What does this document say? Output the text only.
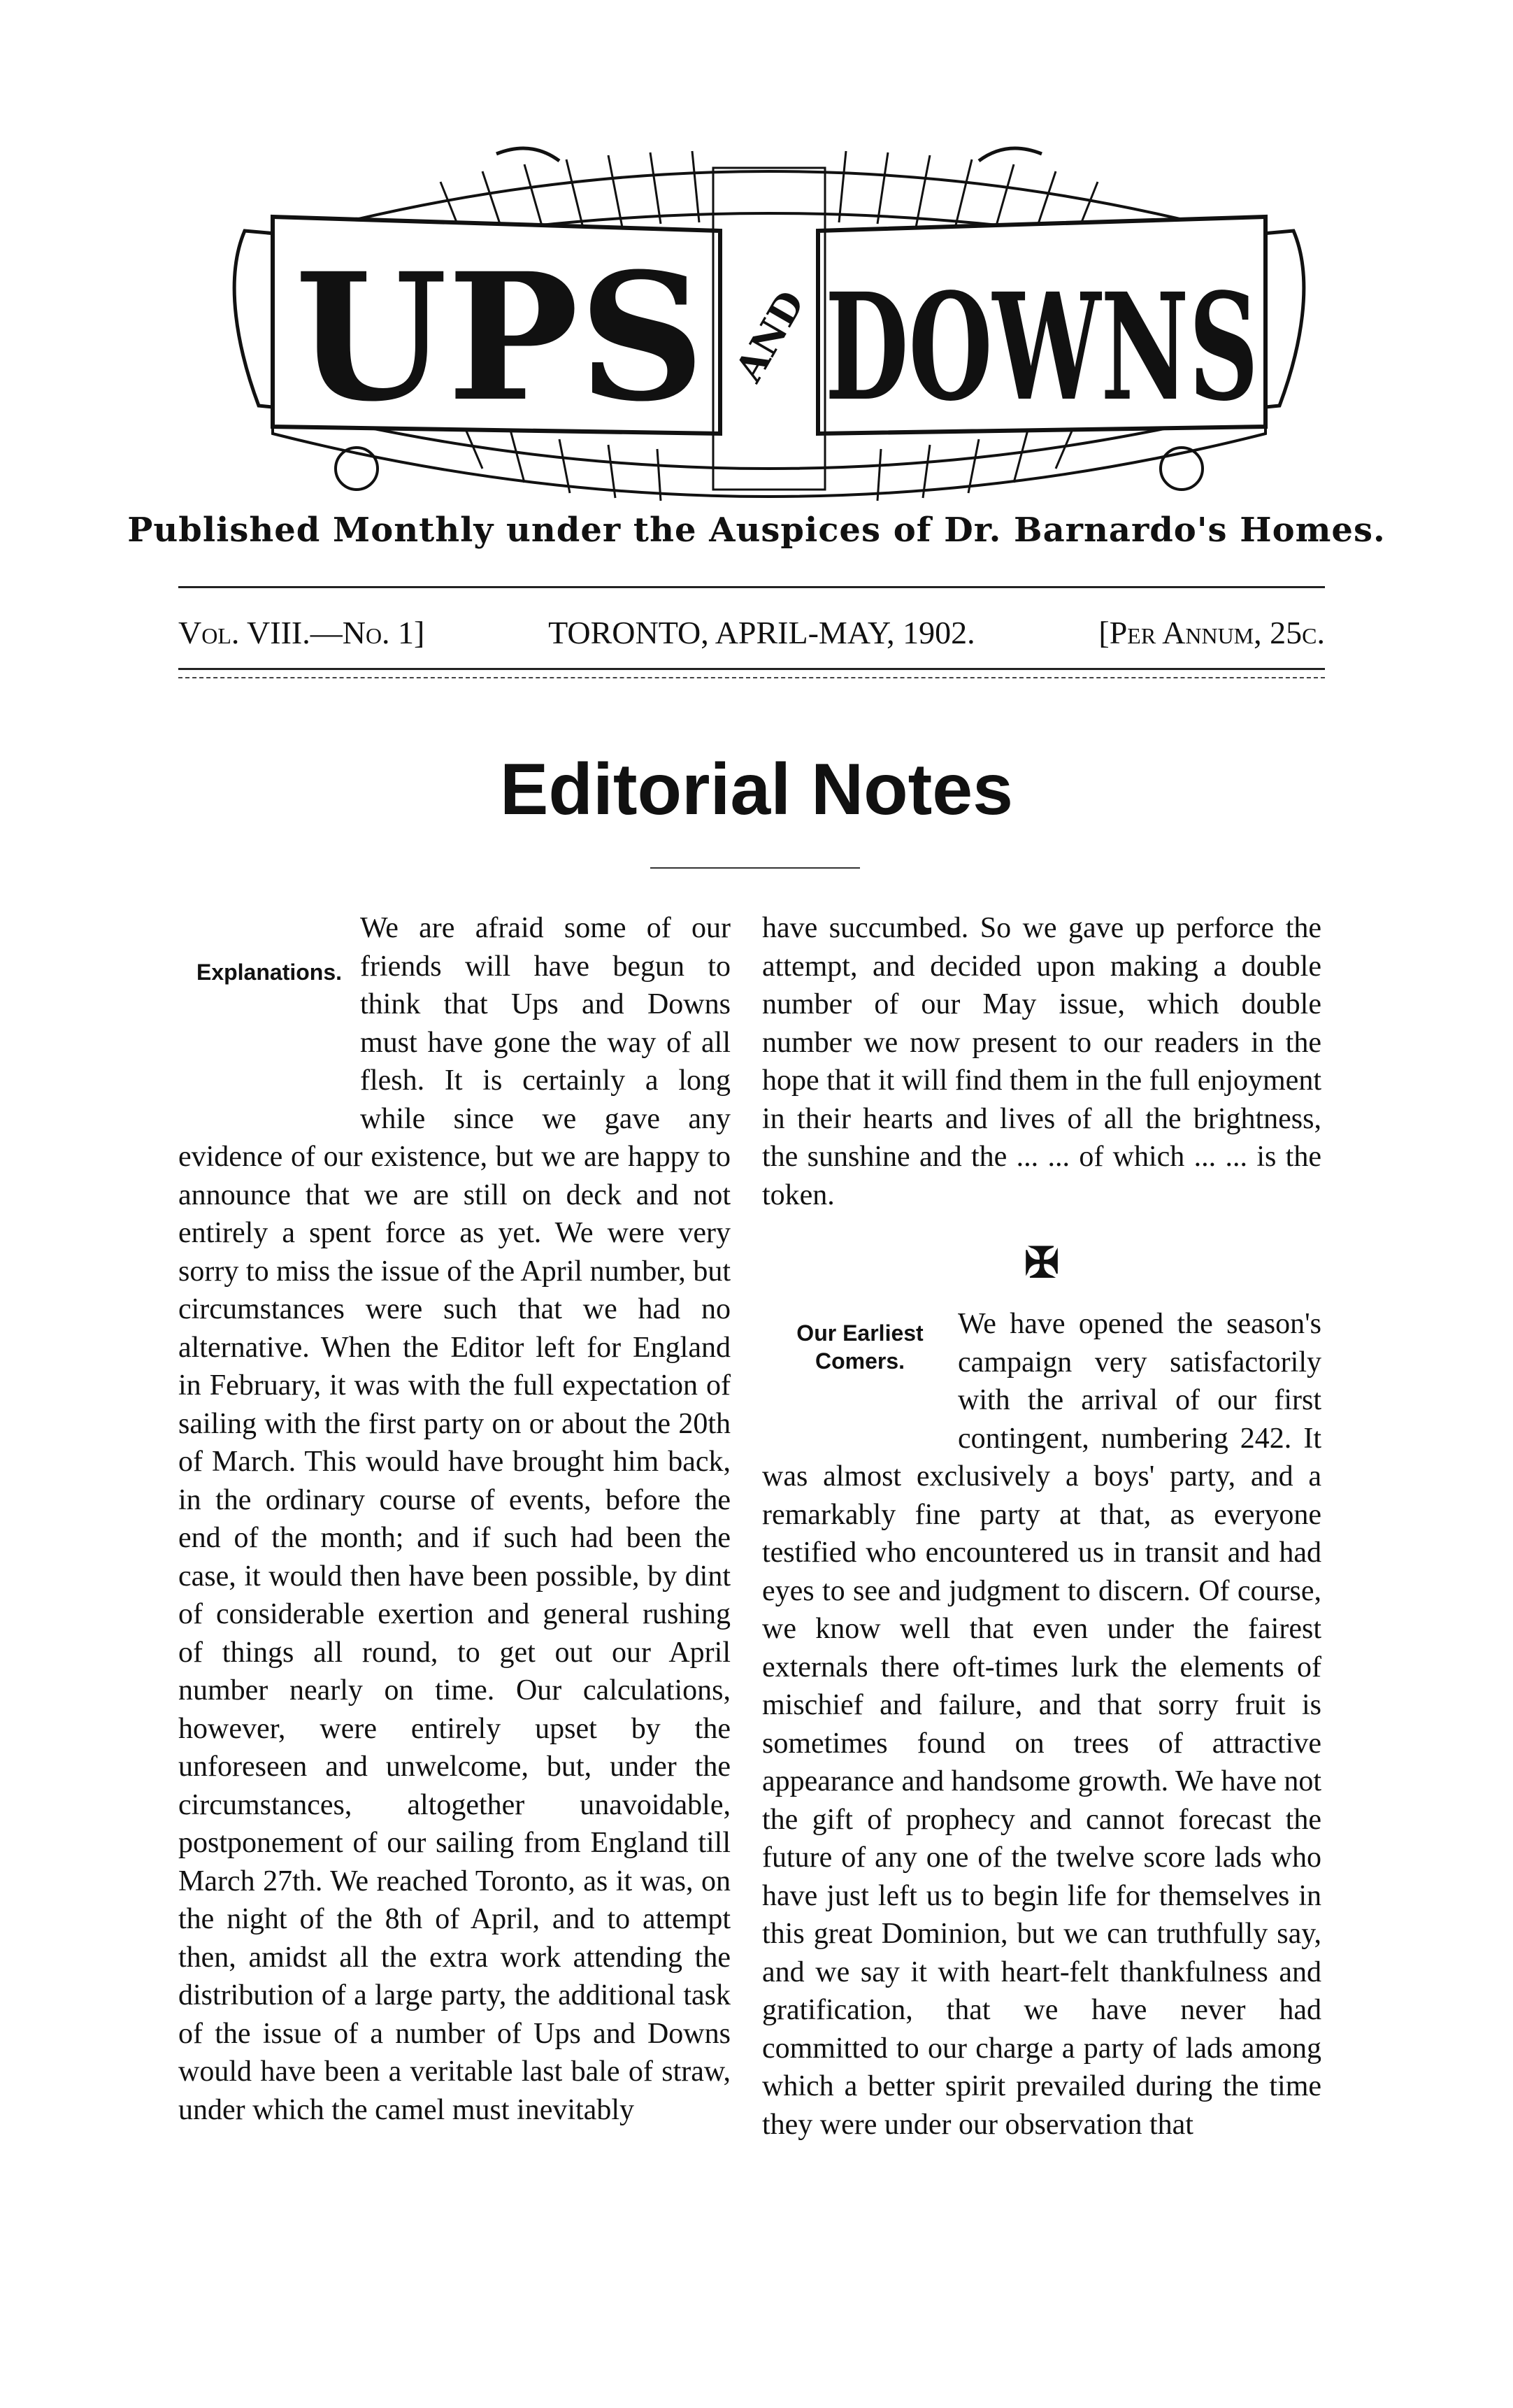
UPS AND DOWNS
Published Monthly under the Auspices of Dr. Barnardo's Homes.
Vol. VIII.—No. 1]	TORONTO, APRIL-MAY, 1902.	[Per Annum, 25c.
Editorial Notes
Explanations.

We are afraid some of our friends will have begun to think that Ups and Downs must have gone the way of all flesh. It is certainly a long while since we gave any evidence of our existence, but we are happy to announce that we are still on deck and not entirely a spent force as yet. We were very sorry to miss the issue of the April number, but circumstances were such that we had no alternative. When the Editor left for England in February, it was with the full expectation of sailing with the first party on or about the 20th of March. This would have brought him back, in the ordinary course of events, before the end of the month; and if such had been the case, it would then have been possible, by dint of considerable exertion and general rushing of things all round, to get out our April number nearly on time. Our calculations, however, were entirely upset by the unforeseen and unwelcome, but, under the circumstances, altogether unavoidable, postponement of our sailing from England till March 27th. We reached Toronto, as it was, on the night of the 8th of April, and to attempt then, amidst all the extra work attending the distribution of a large party, the additional task of the issue of a number of Ups and Downs would have been a veritable last bale of straw, under which the camel must inevitably

have succumbed. So we gave up perforce the attempt, and decided upon making a double number of our May issue, which double number we now present to our readers in the hope that it will find them in the full enjoyment in their hearts and lives of all the brightness, the sunshine and the ... ... of which ... ... is the token.

✠
Our Earliest Comers.

We have opened the season's campaign very satisfactorily with the arrival of our first contingent, numbering 242. It was almost exclusively a boys' party, and a remarkably fine party at that, as everyone testified who encountered us in transit and had eyes to see and judgment to discern. Of course, we know well that even under the fairest externals there oft-times lurk the elements of mischief and failure, and that sorry fruit is sometimes found on trees of attractive appearance and handsome growth. We have not the gift of prophecy and cannot forecast the future of any one of the twelve score lads who have just left us to begin life for themselves in this great Dominion, but we can truthfully say, and we say it with heart-felt thankfulness and gratification, that we have never had committed to our charge a party of lads among which a better spirit prevailed during the time they were under our observation that
